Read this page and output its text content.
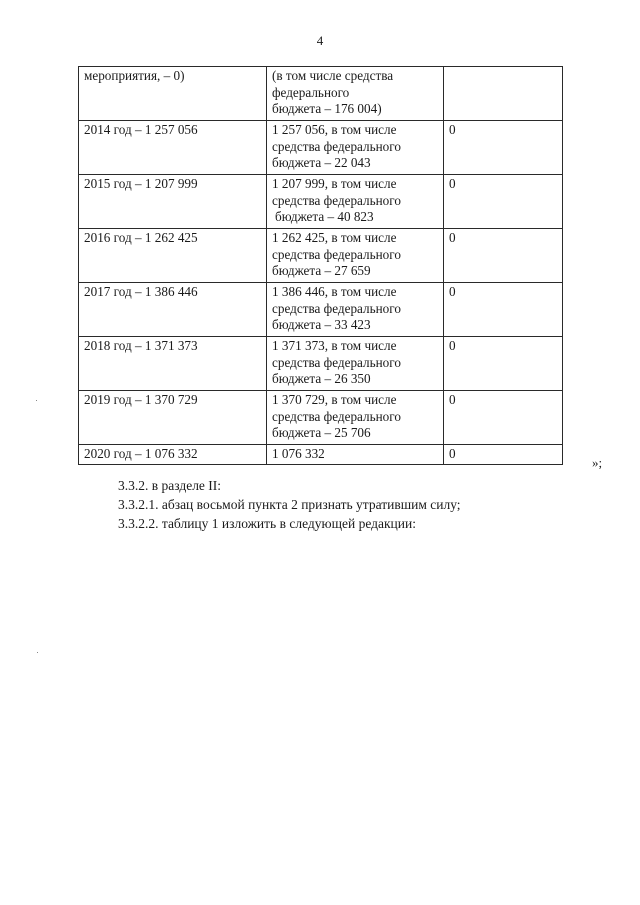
4
мероприятия, – 0)	(в том числе средства
федерального
бюджета – 176 004)	

2014 год – 1 257 056	1 257 056, в том числе
средства федерального
бюджета – 22 043	0

2015 год – 1 207 999	1 207 999, в том числе
средства федерального
бюджета – 40 823	0

2016 год – 1 262 425	1 262 425, в том числе
средства федерального
бюджета – 27 659	0

2017 год – 1 386 446	1 386 446, в том числе
средства федерального
бюджета – 33 423	0

2018 год – 1 371 373	1 371 373, в том числе
средства федерального
бюджета – 26 350	0

2019 год – 1 370 729	1 370 729, в том числе
средства федерального
бюджета – 25 706	0

2020 год – 1 076 332	1 076 332	0
»;
3.3.2. в разделе II:
3.3.2.1. абзац восьмой пункта 2 признать утратившим силу;
3.3.2.2. таблицу 1 изложить в следующей редакции:
